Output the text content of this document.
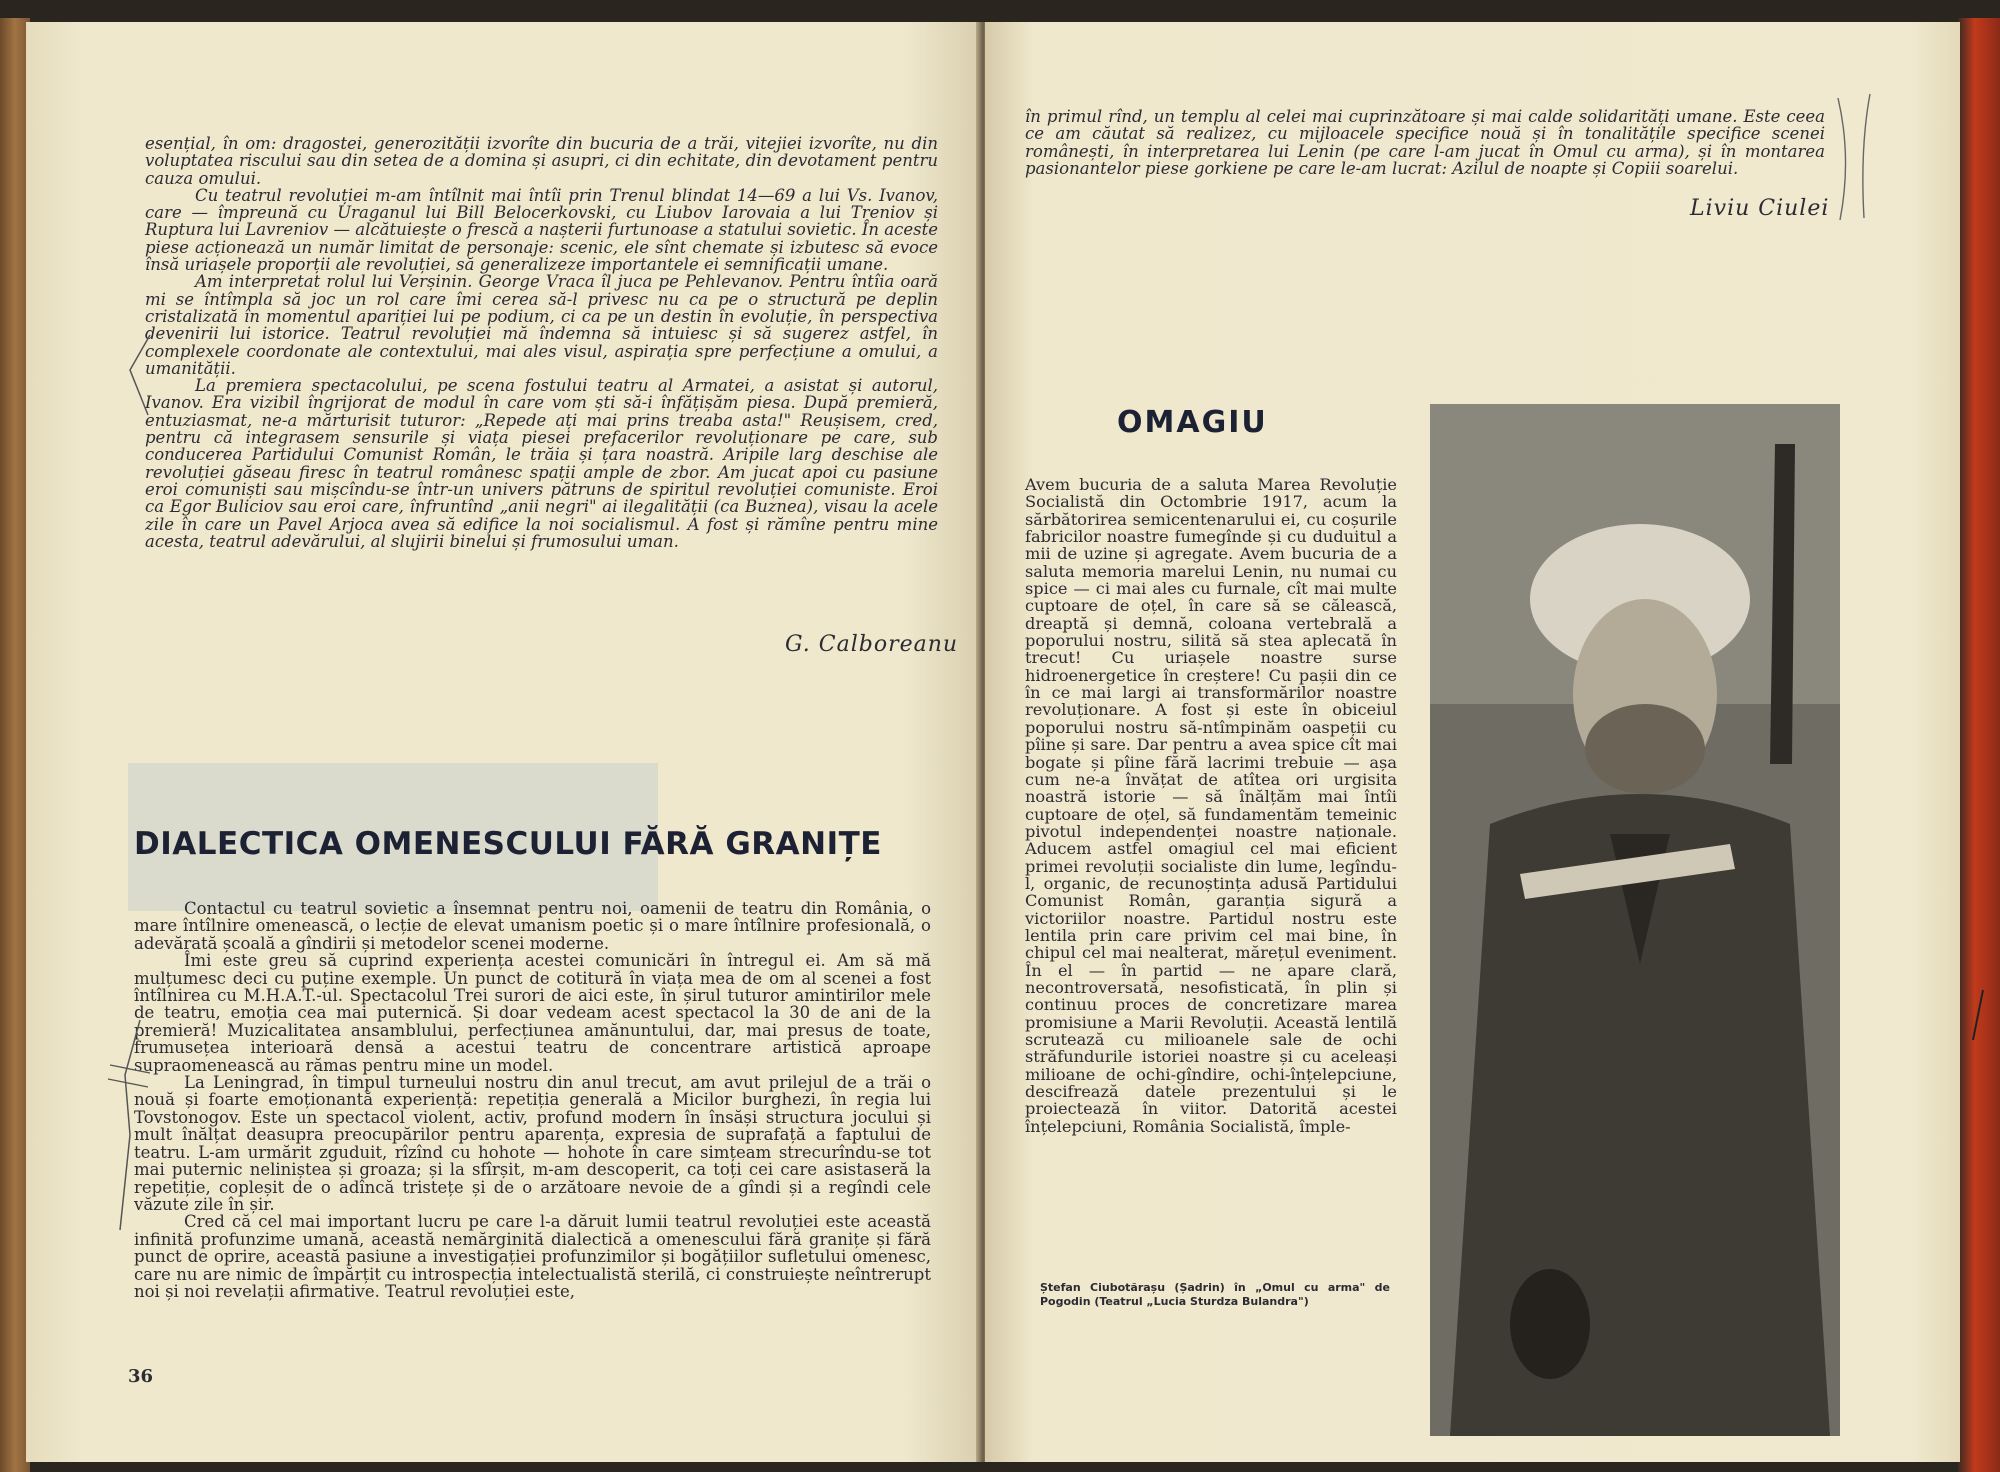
esențial, în om: dragostei, generozității izvorîte din bucuria de a trăi, vitejiei izvorîte, nu din voluptatea riscului sau din setea de a domina și asupri, ci din echitate, din devotament pentru cauza omului.

Cu teatrul revoluției m-am întîlnit mai întîi prin Trenul blindat 14—69 a lui Vs. Ivanov, care — împreună cu Uraganul lui Bill Belocerkovski, cu Liubov Iarovaia a lui Treniov și Ruptura lui Lavreniov — alcătuiește o frescă a nașterii furtunoase a statului sovietic. În aceste piese acționează un număr limitat de personaje: scenic, ele sînt chemate și izbutesc să evoce însă uriașele proporții ale revoluției, să generalizeze importantele ei semnificații umane.

Am interpretat rolul lui Verșinin. George Vraca îl juca pe Pehlevanov. Pentru întîia oară mi se întîmpla să joc un rol care îmi cerea să-l privesc nu ca pe o structură pe deplin cristalizată în momentul apariției lui pe podium, ci ca pe un destin în evoluție, în perspectiva devenirii lui istorice. Teatrul revoluției mă îndemna să intuiesc și să sugerez astfel, în complexele coordonate ale contextului, mai ales visul, aspirația spre perfecțiune a omului, a umanității.

La premiera spectacolului, pe scena fostului teatru al Armatei, a asistat și autorul, Ivanov. Era vizibil îngrijorat de modul în care vom ști să-i înfățișăm piesa. După premieră, entuziasmat, ne-a mărturisit tuturor: „Repede ați mai prins treaba asta!" Reușisem, cred, pentru că integrasem sensurile și viața piesei prefacerilor revoluționare pe care, sub conducerea Partidului Comunist Român, le trăia și țara noastră. Aripile larg deschise ale revoluției găseau firesc în teatrul românesc spații ample de zbor. Am jucat apoi cu pasiune eroi comuniști sau mișcîndu-se într-un univers pătruns de spiritul revoluției comuniste. Eroi ca Egor Buliciov sau eroi care, înfruntînd „anii negri" ai ilegalității (ca Buznea), visau la acele zile în care un Pavel Arjoca avea să edifice la noi socialismul. A fost și rămîne pentru mine acesta, teatrul adevărului, al slujirii binelui și frumosului uman.

G. Calboreanu
DIALECTICA OMENESCULUI FĂRĂ GRANIȚE

Contactul cu teatrul sovietic a însemnat pentru noi, oamenii de teatru din România, o mare întîlnire omenească, o lecție de elevat umanism poetic și o mare întîlnire profesională, o adevărată școală a gîndirii și metodelor scenei moderne.

Îmi este greu să cuprind experiența acestei comunicări în întregul ei. Am să mă mulțumesc deci cu puține exemple. Un punct de cotitură în viața mea de om al scenei a fost întîlnirea cu M.H.A.T.-ul. Spectacolul Trei surori de aici este, în șirul tuturor amintirilor mele de teatru, emoția cea mai puternică. Și doar vedeam acest spectacol la 30 de ani de la premieră! Muzicalitatea ansamblului, perfecțiunea amănuntului, dar, mai presus de toate, frumusețea interioară densă a acestui teatru de concentrare artistică aproape supraomenească au rămas pentru mine un model.

La Leningrad, în timpul turneului nostru din anul trecut, am avut prilejul de a trăi o nouă și foarte emoționantă experiență: repetiția generală a Micilor burghezi, în regia lui Tovstonogov. Este un spectacol violent, activ, profund modern în însăși structura jocului și mult înălțat deasupra preocupărilor pentru aparența, expresia de suprafață a faptului de teatru. L-am urmărit zguduit, rîzînd cu hohote — hohote în care simțeam strecurîndu-se tot mai puternic neliniștea și groaza; și la sfîrșit, m-am descoperit, ca toți cei care asistaseră la repetiție, copleșit de o adîncă tristețe și de o arzătoare nevoie de a gîndi și a regîndi cele văzute zile în șir.

Cred că cel mai important lucru pe care l-a dăruit lumii teatrul revoluției este această infinită profunzime umană, această nemărginită dialectică a omenescului fără granițe și fără punct de oprire, această pasiune a investigației profunzimilor și bogățiilor sufletului omenesc, care nu are nimic de împărțit cu introspecția intelectualistă sterilă, ci construiește neîntrerupt noi și noi revelații afirmative. Teatrul revoluției este,

36
în primul rînd, un templu al celei mai cuprinzătoare și mai calde solidarități umane. Este ceea ce am căutat să realizez, cu mijloacele specifice nouă și în tonalitățile specifice scenei românești, în interpretarea lui Lenin (pe care l-am jucat în Omul cu arma), și în montarea pasionantelor piese gorkiene pe care le-am lucrat: Azilul de noapte și Copiii soarelui.
Liviu Ciulei
OMAGIU
Avem bucuria de a saluta Marea Revoluție Socialistă din Octombrie 1917, acum la sărbătorirea semicentenarului ei, cu coșurile fabricilor noastre fumegînde și cu duduitul a mii de uzine și agregate. Avem bucuria de a saluta memoria marelui Lenin, nu numai cu spice — ci mai ales cu furnale, cît mai multe cuptoare de oțel, în care să se călească, dreaptă și demnă, coloana vertebrală a poporului nostru, silită să stea aplecată în trecut! Cu uriașele noastre surse hidroenergetice în creștere! Cu pașii din ce în ce mai largi ai transformărilor noastre revoluționare. A fost și este în obiceiul poporului nostru să-ntîmpinăm oaspeții cu pîine și sare. Dar pentru a avea spice cît mai bogate și pîine fără lacrimi trebuie — așa cum ne-a învățat de atîtea ori urgisita noastră istorie — să înălțăm mai întîi cuptoare de oțel, să fundamentăm temeinic pivotul independenței noastre naționale. Aducem astfel omagiul cel mai eficient primei revoluții socialiste din lume, legîndu-l, organic, de recunoștința adusă Partidului Comunist Român, garanția sigură a victoriilor noastre. Partidul nostru este lentila prin care privim cel mai bine, în chipul cel mai nealterat, mărețul eveniment. În el — în partid — ne apare clară, necontroversată, nesofisticată, în plin și continuu proces de concretizare marea promisiune a Marii Revoluții. Această lentilă scrutează cu milioanele sale de ochi străfundurile istoriei noastre și cu aceleași milioane de ochi-gîndire, ochi-înțelepciune, descifrează datele prezentului și le proiectează în viitor. Datorită acestei înțelepciuni, România Socialistă, împle-
Ștefan Ciubotărașu (Șadrin) în „Omul cu arma" de Pogodin (Teatrul „Lucia Sturdza Bulandra")
